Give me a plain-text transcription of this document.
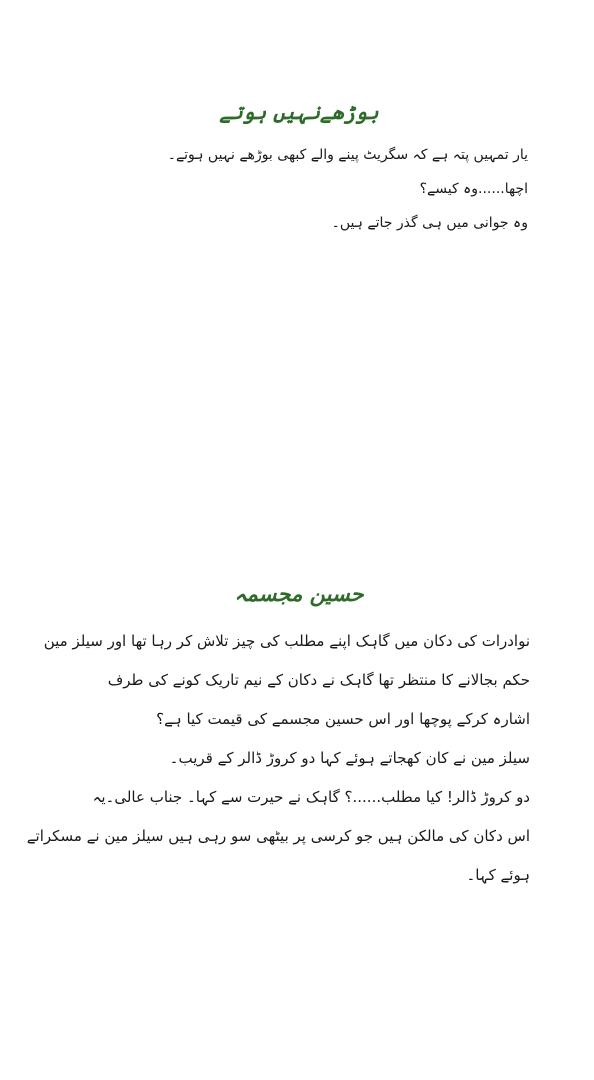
بوڑھےنہیں ہوتے

یار تمہیں پتہ ہے کہ سگریٹ پینے والے کبھی بوڑھے نہیں ہوتے۔

اچھا......وہ کیسے؟

وہ جوانی میں ہی گذر جاتے ہیں۔

حسین مجسمہ

نوادرات کی دکان میں گاہک اپنے مطلب کی چیز تلاش کر رہا تھا اور سیلز مین

حکم بجالانے کا منتظر تھا گاہک نے دکان کے نیم تاریک کونے کی طرف

اشارہ کرکے پوچھا اور اس حسین مجسمے کی قیمت کیا ہے؟

سیلز مین نے کان کھجاتے ہوئے کہا دو کروڑ ڈالر کے قریب۔

دو کروڑ ڈالر! کیا مطلب......؟ گاہک نے حیرت سے کہا۔ جناب عالی۔یہ

اس دکان کی مالکن ہیں جو کرسی پر بیٹھی سو رہی ہیں سیلز مین نے مسکراتے

ہوئے کہا۔
